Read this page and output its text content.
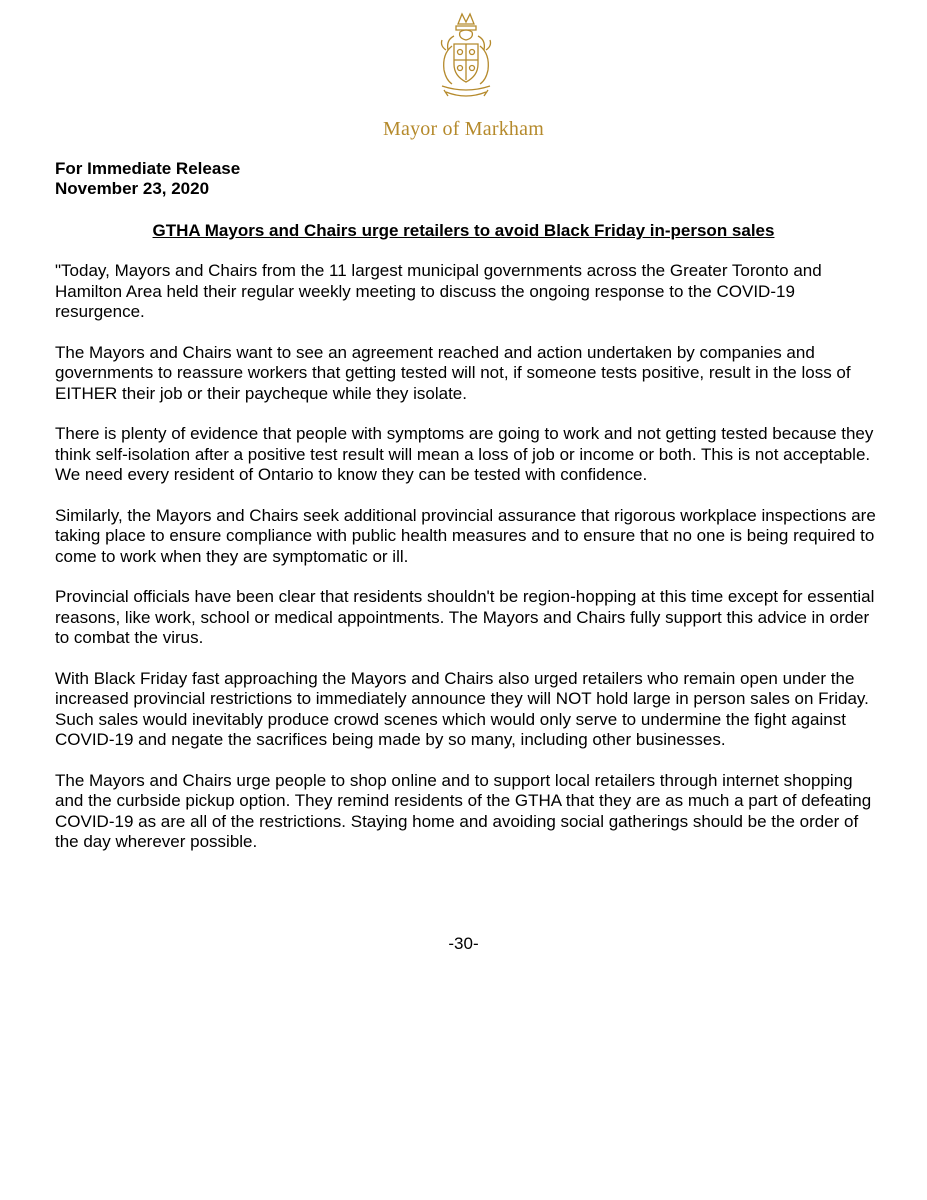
Mayor of Markham
For Immediate Release
November 23, 2020
GTHA Mayors and Chairs urge retailers to avoid Black Friday in-person sales

"Today, Mayors and Chairs from the 11 largest municipal governments across the Greater Toronto and Hamilton Area held their regular weekly meeting to discuss the ongoing response to the COVID-19 resurgence.

The Mayors and Chairs want to see an agreement reached and action undertaken by companies and governments to reassure workers that getting tested will not, if someone tests positive, result in the loss of EITHER their job or their paycheque while they isolate.

There is plenty of evidence that people with symptoms are going to work and not getting tested because they think self-isolation after a positive test result will mean a loss of job or income or both. This is not acceptable. We need every resident of Ontario to know they can be tested with confidence.

Similarly, the Mayors and Chairs seek additional provincial assurance that rigorous workplace inspections are taking place to ensure compliance with public health measures and to ensure that no one is being required to come to work when they are symptomatic or ill.

Provincial officials have been clear that residents shouldn't be region-hopping at this time except for essential reasons, like work, school or medical appointments. The Mayors and Chairs fully support this advice in order to combat the virus.

With Black Friday fast approaching the Mayors and Chairs also urged retailers who remain open under the increased provincial restrictions to immediately announce they will NOT hold large in person sales on Friday. Such sales would inevitably produce crowd scenes which would only serve to undermine the fight against COVID-19 and negate the sacrifices being made by so many, including other businesses.

The Mayors and Chairs urge people to shop online and to support local retailers through internet shopping and the curbside pickup option. They remind residents of the GTHA that they are as much a part of defeating COVID-19 as are all of the restrictions. Staying home and avoiding social gatherings should be the order of the day wherever possible.

-30-
